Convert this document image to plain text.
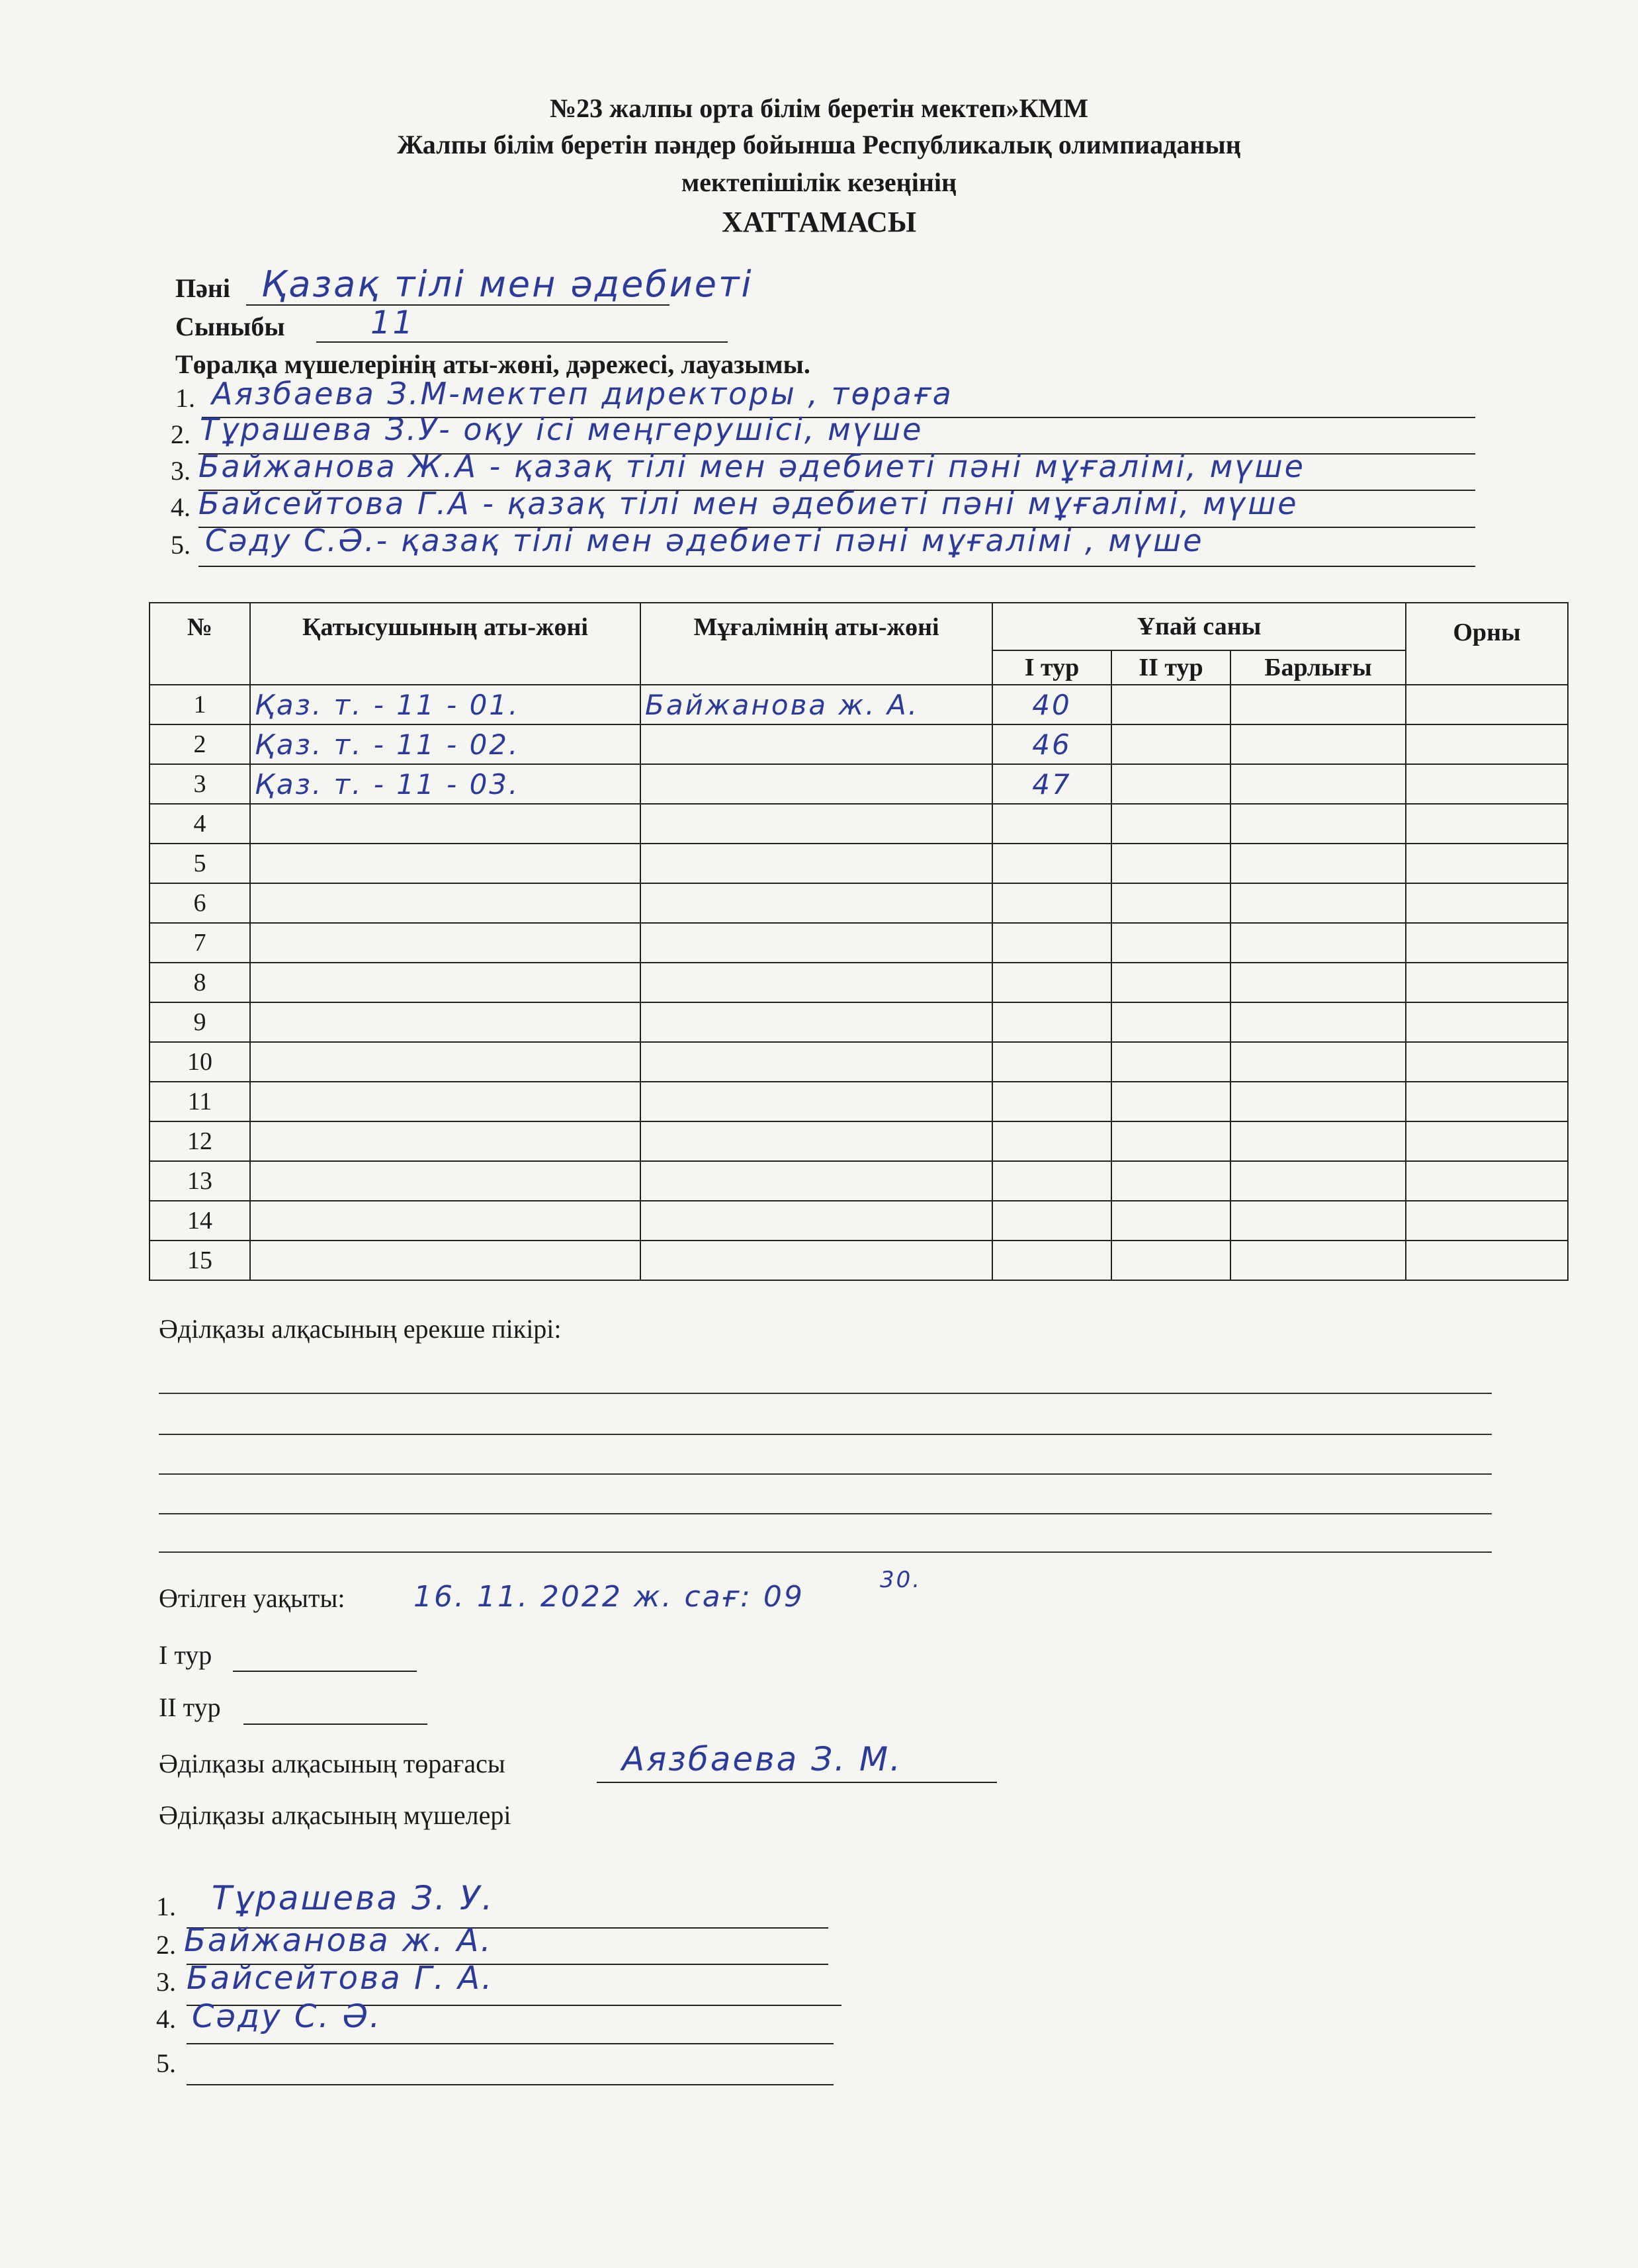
№23 жалпы орта білім беретін мектеп»КММ
Жалпы білім беретін пәндер бойынша Республикалық олимпиаданың
мектепішілік кезеңінің
ХАТТАМАСЫ
Пәні Қазақ тілі мен әдебиеті
Сыныбы	11
Төралқа мүшелерінің аты-жөні, дәрежесі, лауазымы.
1. Аязбаева З.М-мектеп директоры , төраға
2. Тұрашева З.У- оқу ісі меңгерушісі, мүше
3. Байжанова Ж.А - қазақ тілі мен әдебиеті пәні мұғалімі, мүше
4. Байсейтова Г.А - қазақ тілі мен әдебиеті пәні мұғалімі, мүше
5. Сәду С.Ә.- қазақ тілі мен әдебиеті пәні мұғалімі , мүше
№	Қатысушының аты-жөні	Мұғалімнің аты-жөні	Ұпай саны			Орны
			І тур	ІІ тур	Барлығы	
1	Қаз. т. - 11 - 01.	Байжанова ж. А.	40			
2	Қаз. т. - 11 - 02.		46			
3	Қаз. т. - 11 - 03.		47			
4						
5						
6						
7						
8						
9						
10						
11						
12						
13						
14						
15						
Әділқазы алқасының ерекше пікірі:
Өтілген уақыты: 16. 11. 2022 ж. сағ: 09	30.
І тур
ІІ тур
Әділқазы алқасының төрағасы	Аязбаева З. М.
Әділқазы алқасының мүшелері
1. Тұрашева З. У.
2. Байжанова ж. А.
3. Байсейтова Г. А.
4. Сәду С. Ә.
5.
